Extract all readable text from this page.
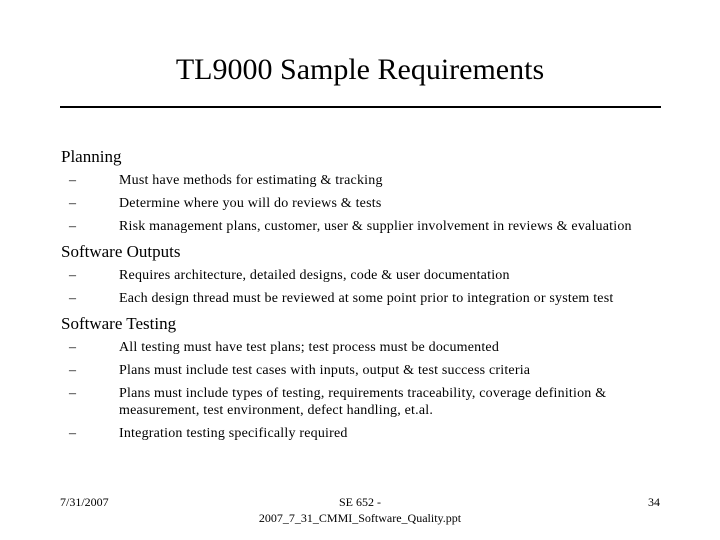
TL9000 Sample Requirements

Planning

–	Must have methods for estimating & tracking
–	Determine where you will do reviews & tests
–	Risk management plans, customer, user & supplier involvement in reviews & evaluation

Software Outputs

–	Requires architecture, detailed designs, code & user documentation
–	Each design thread must be reviewed at some point prior to integration or system test

Software Testing

–	All testing must have test plans; test process must be documented
–	Plans must include test cases with inputs, output & test success criteria
–	Plans must include types of testing, requirements traceability, coverage definition & measurement, test environment, defect handling, et.al.
–	Integration testing specifically required
7/31/2007	SE 652 -
2007_7_31_CMMI_Software_Quality.ppt
34
